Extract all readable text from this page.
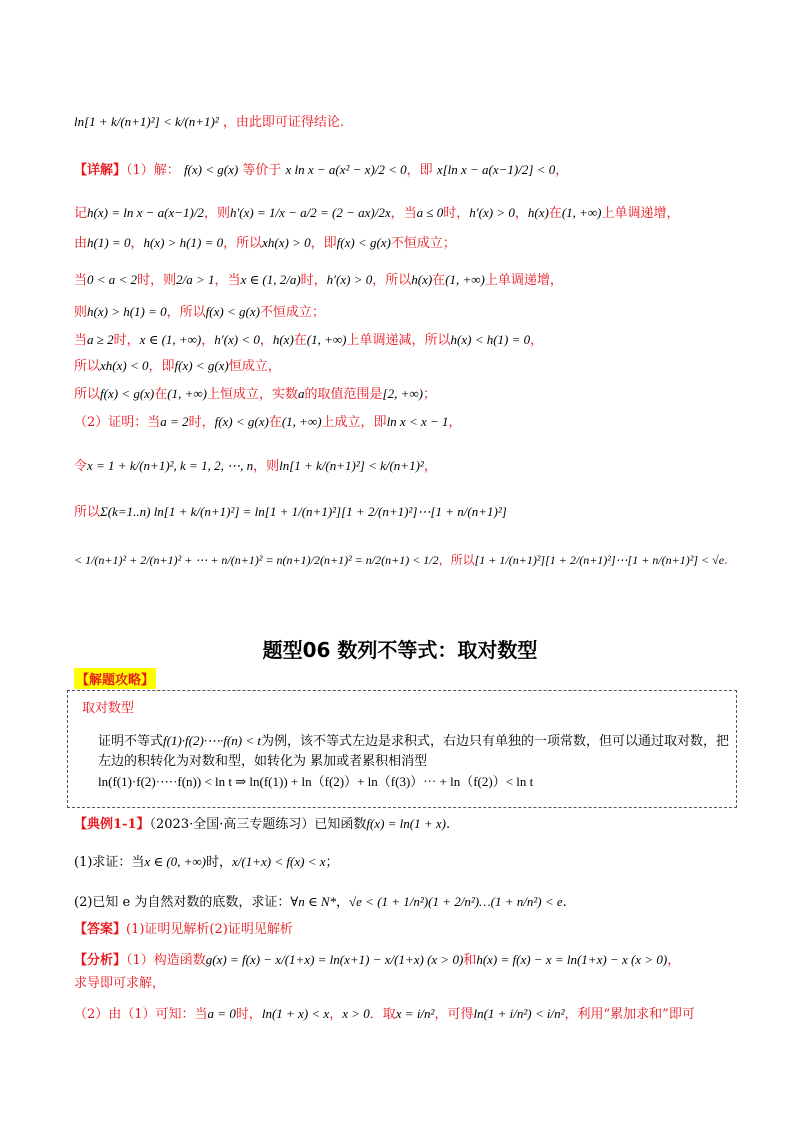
ln[1 + k/(n+1)²] < k/(n+1)² ，由此即可证得结论.
【详解】（1）解： f(x) < g(x) 等价于 x ln x − a(x² − x)/2 < 0，即 x[ln x − a(x−1)/2] < 0，
记h(x) = ln x − a(x−1)/2，则h′(x) = 1/x − a/2 = (2 − ax)/2x，当a ≤ 0时，h′(x) > 0，h(x)在(1, +∞)上单调递增，
由h(1) = 0，h(x) > h(1) = 0，所以xh(x) > 0，即f(x) < g(x)不恒成立；
当0 < a < 2时，则2/a > 1，当x ∈ (1, 2/a)时，h′(x) > 0，所以h(x)在(1, +∞)上单调递增，
则h(x) > h(1) = 0，所以f(x) < g(x)不恒成立；
当a ≥ 2时，x ∈ (1, +∞)，h′(x) < 0，h(x)在(1, +∞)上单调递减，所以h(x) < h(1) = 0，
所以xh(x) < 0，即f(x) < g(x)恒成立，
所以f(x) < g(x)在(1, +∞)上恒成立，实数a的取值范围是[2, +∞)；
（2）证明：当a = 2时，f(x) < g(x)在(1, +∞)上成立，即ln x < x − 1，
令x = 1 + k/(n+1)², k = 1, 2, ⋯, n，则ln[1 + k/(n+1)²] < k/(n+1)²，
所以Σ(k=1..n) ln[1 + k/(n+1)²] = ln[1 + 1/(n+1)²][1 + 2/(n+1)²]⋯[1 + n/(n+1)²]
< 1/(n+1)² + 2/(n+1)² + ⋯ + n/(n+1)² = n(n+1)/2(n+1)² = n/2(n+1) < 1/2，所以[1 + 1/(n+1)²][1 + 2/(n+1)²]⋯[1 + n/(n+1)²] < √e.
题型06 数列不等式：取对数型
【解题攻略】
取对数型
证明不等式f(1)·f(2)·⋯·f(n) < t为例，该不等式左边是求积式，右边只有单独的一项常数，但可以通过取对数，把左边的积转化为对数和型，如转化为 累加或者累积相消型
ln(f(1)·f(2)·⋯·f(n)) < ln t ⇒ ln(f(1)) + ln（f(2)）+ ln（f(3)）⋯ + ln（f(2)）< ln t
【典例1-1】（2023·全国·高三专题练习）已知函数f(x) = ln(1 + x).
(1)求证：当x ∈ (0, +∞)时，x/(1+x) < f(x) < x；
(2)已知 e 为自然对数的底数，求证：∀n ∈ N*，√e < (1 + 1/n²)(1 + 2/n²)…(1 + n/n²) < e.
【答案】(1)证明见解析(2)证明见解析
【分析】（1）构造函数g(x) = f(x) − x/(1+x) = ln(x+1) − x/(1+x) (x > 0)和h(x) = f(x) − x = ln(1+x) − x (x > 0)，
求导即可求解，
（2）由（1）可知：当a = 0时，ln(1 + x) < x，x > 0．取x = i/n²，可得ln(1 + i/n²) < i/n²，利用“累加求和”即可
